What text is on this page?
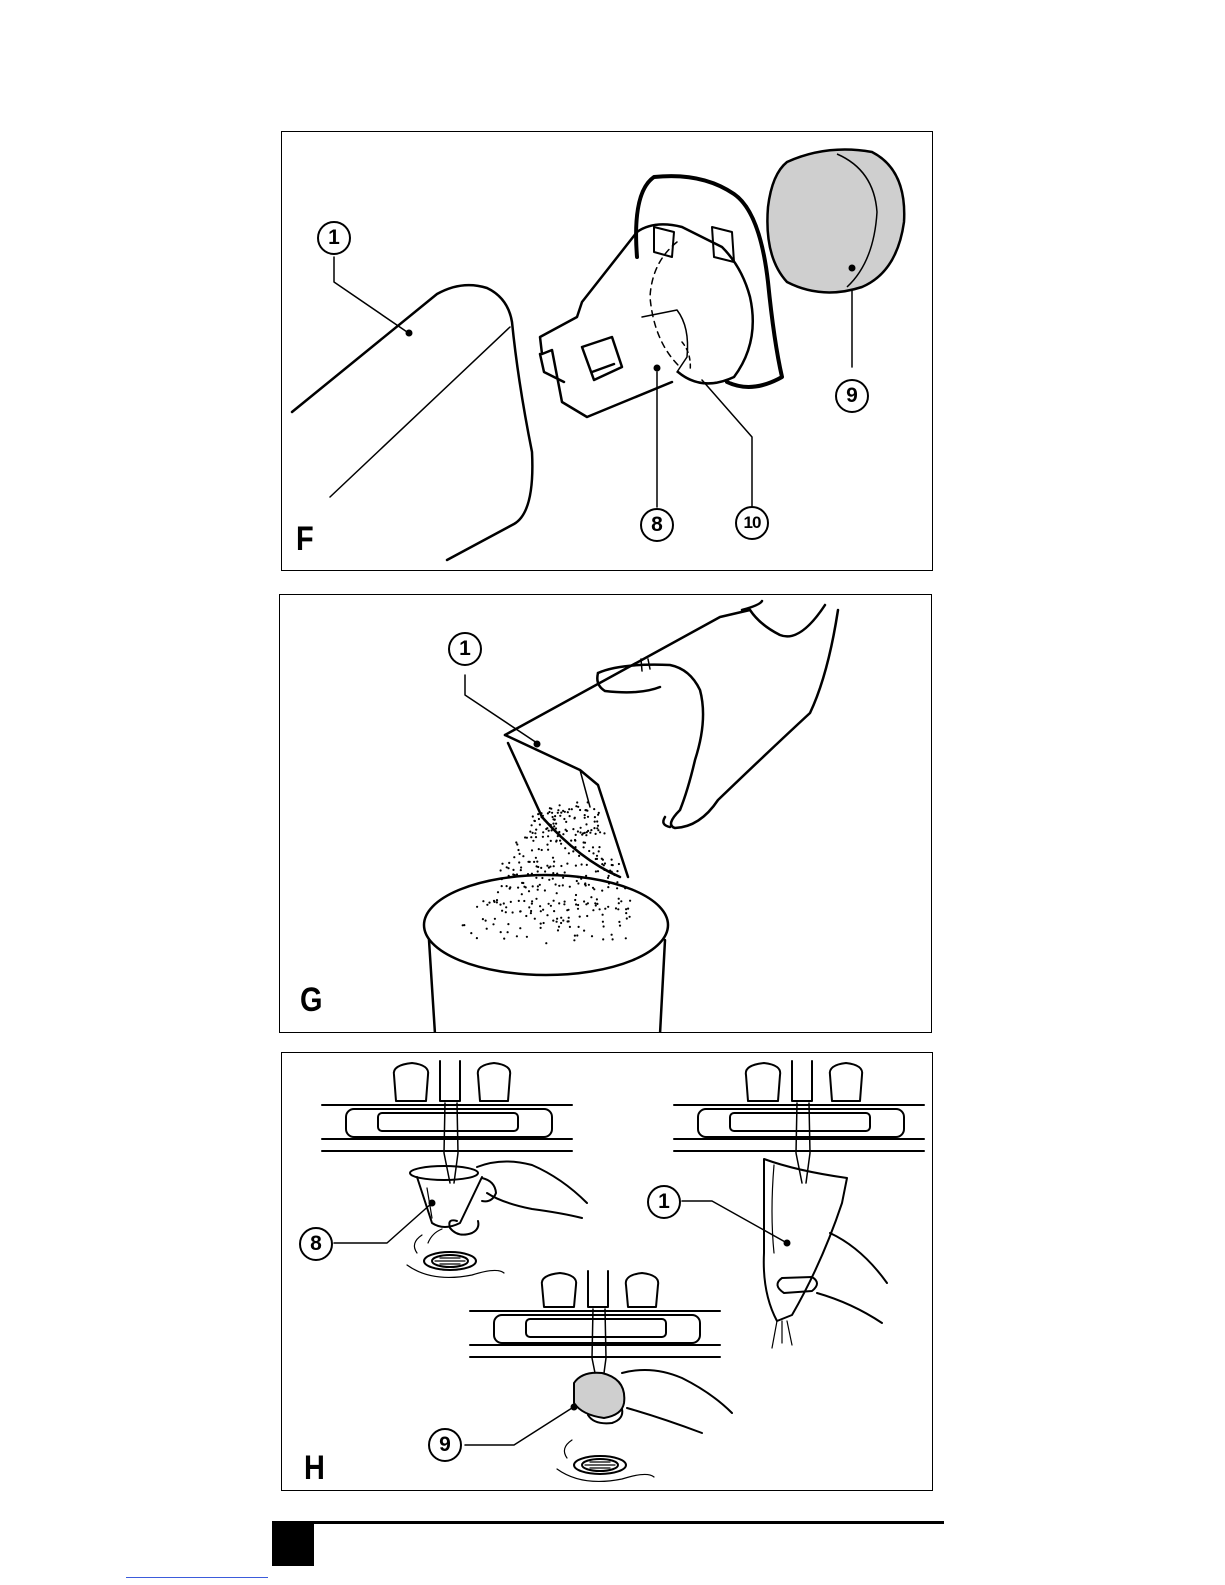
F
1
8	10
9
G
1
H
8
1
9
